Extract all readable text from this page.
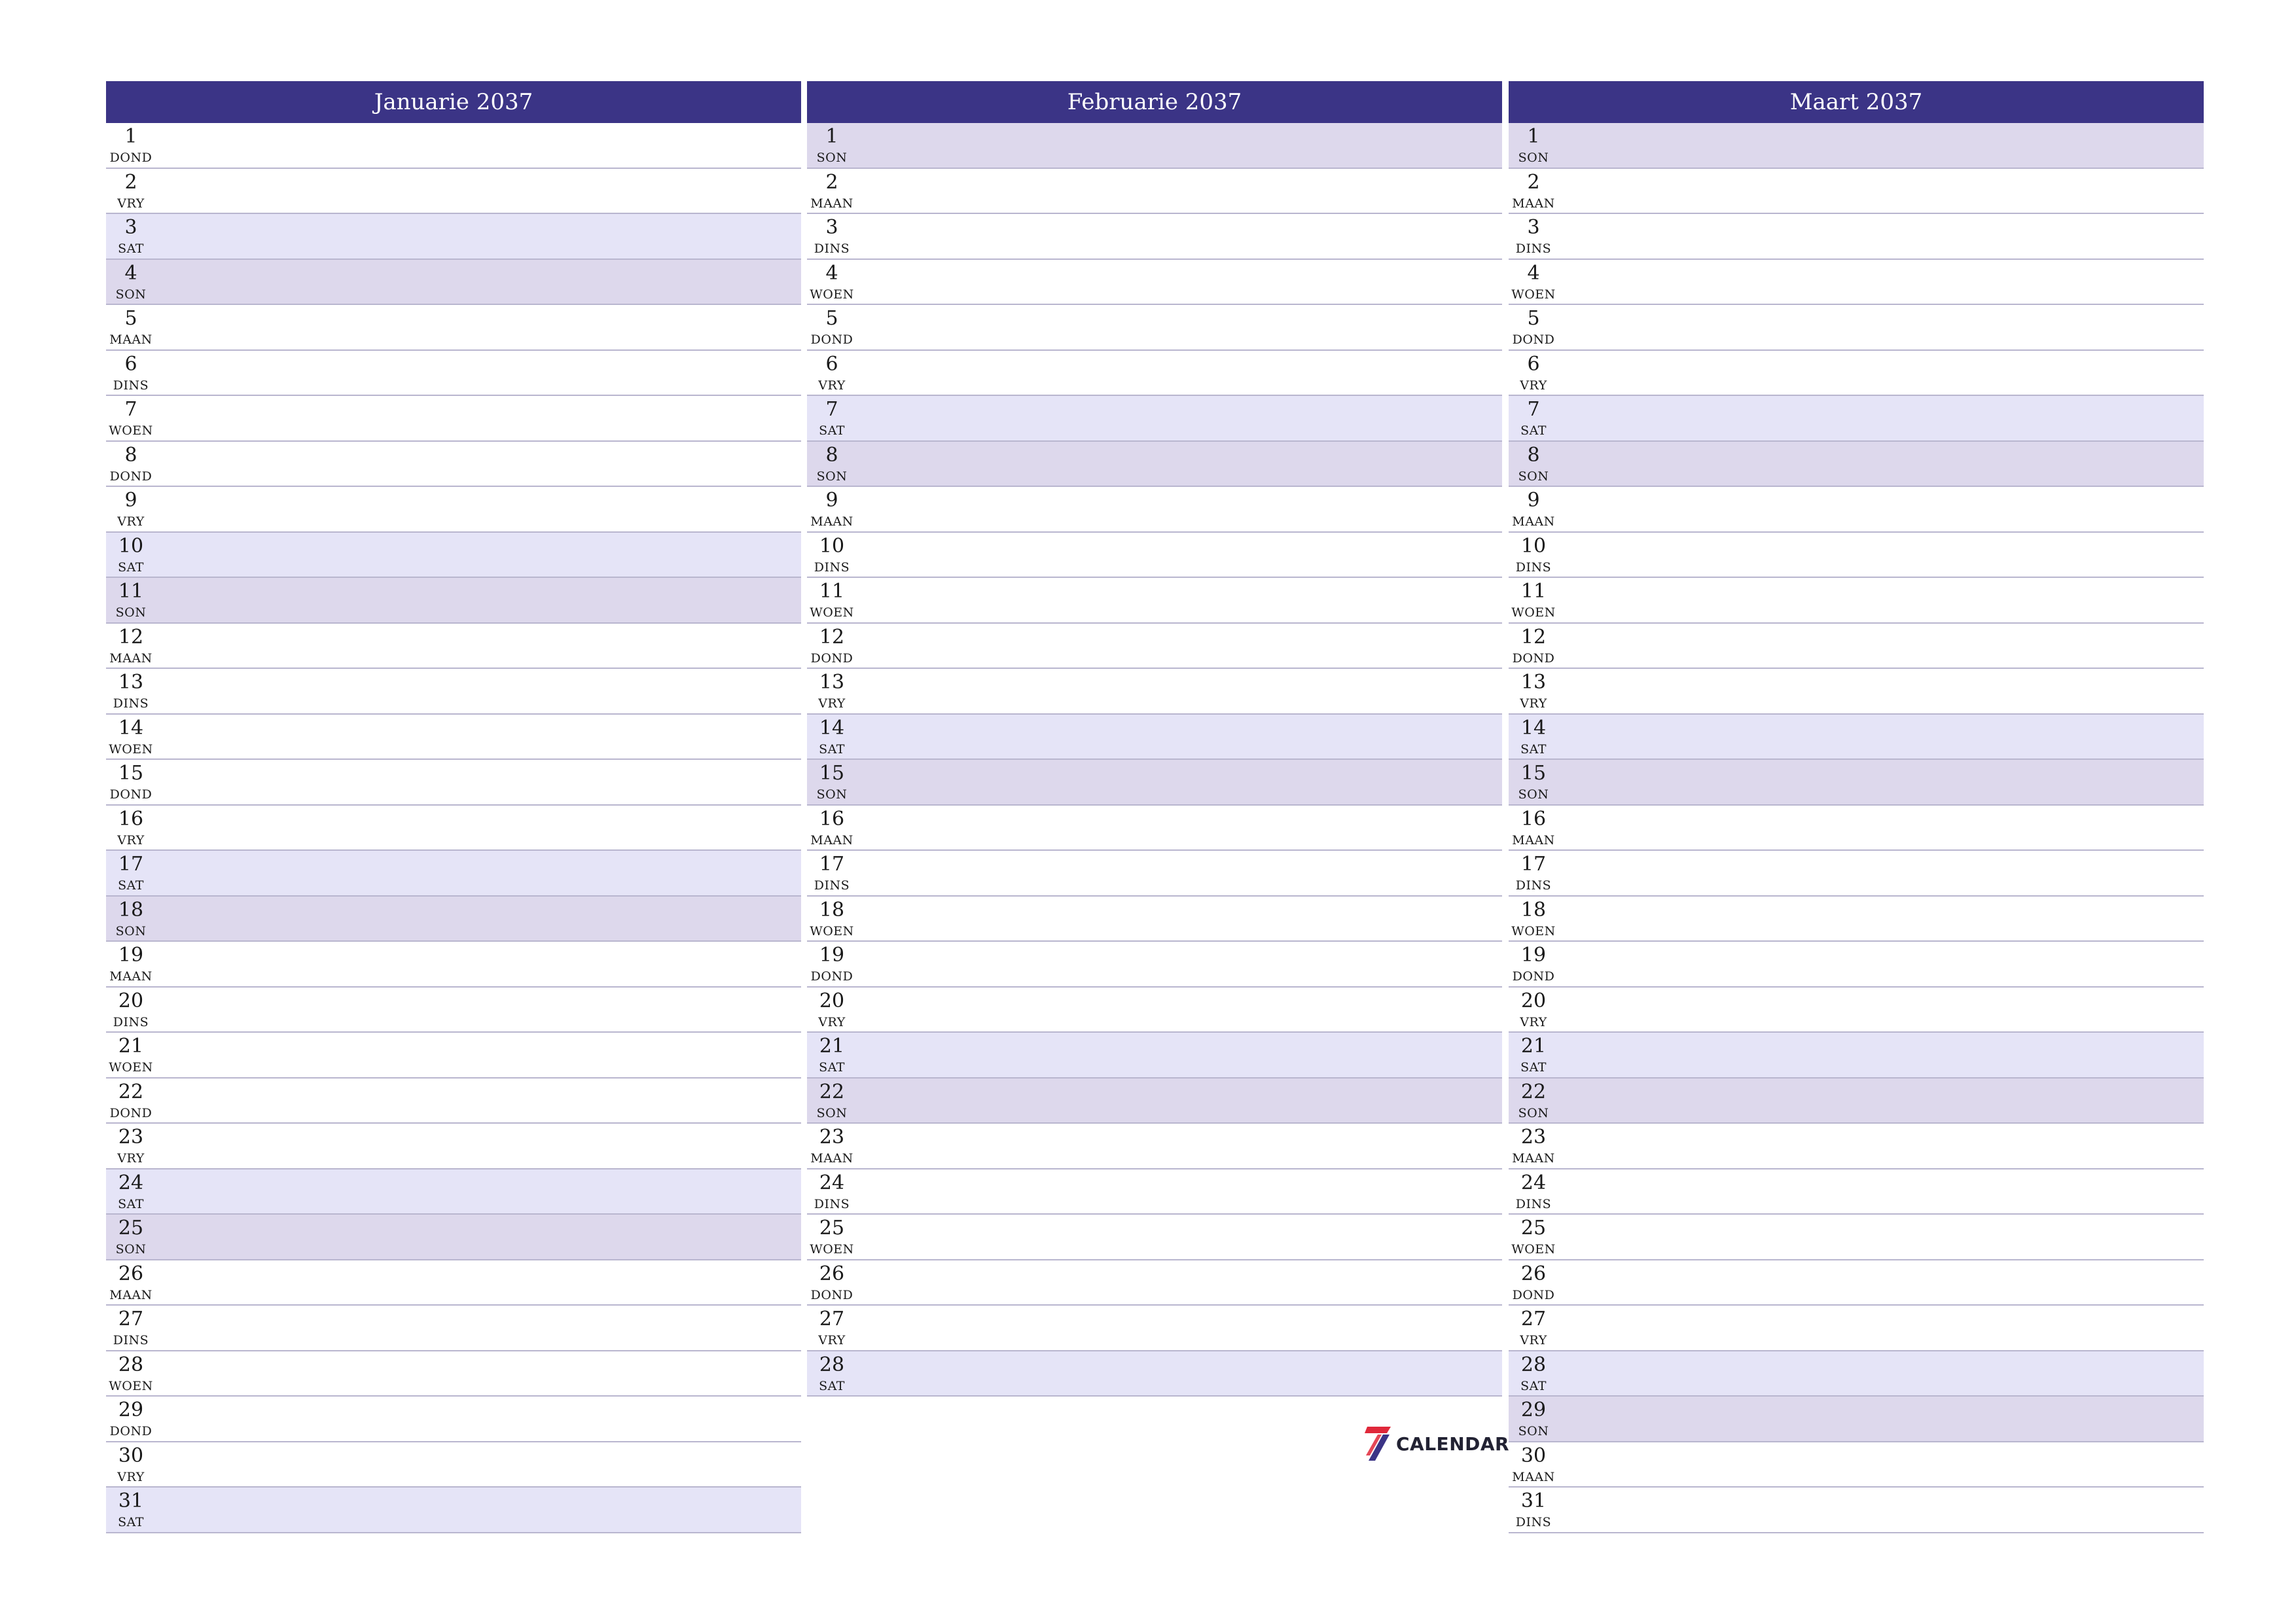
Januarie 2037
1
DOND
2
VRY
3
SAT
4
SON
5
MAAN
6
DINS
7
WOEN
8
DOND
9
VRY
10
SAT
11
SON
12
MAAN
13
DINS
14
WOEN
15
DOND
16
VRY
17
SAT
18
SON
19
MAAN
20
DINS
21
WOEN
22
DOND
23
VRY
24
SAT
25
SON
26
MAAN
27
DINS
28
WOEN
29
DOND
30
VRY
31
SAT
Februarie 2037
1
SON
2
MAAN
3
DINS
4
WOEN
5
DOND
6
VRY
7
SAT
8
SON
9
MAAN
10
DINS
11
WOEN
12
DOND
13
VRY
14
SAT
15
SON
16
MAAN
17
DINS
18
WOEN
19
DOND
20
VRY
21
SAT
22
SON
23
MAAN
24
DINS
25
WOEN
26
DOND
27
VRY
28
SAT
Maart 2037
1
SON
2
MAAN
3
DINS
4
WOEN
5
DOND
6
VRY
7
SAT
8
SON
9
MAAN
10
DINS
11
WOEN
12
DOND
13
VRY
14
SAT
15
SON
16
MAAN
17
DINS
18
WOEN
19
DOND
20
VRY
21
SAT
22
SON
23
MAAN
24
DINS
25
WOEN
26
DOND
27
VRY
28
SAT
29
SON
30
MAAN
31
DINS
CALENDAR
